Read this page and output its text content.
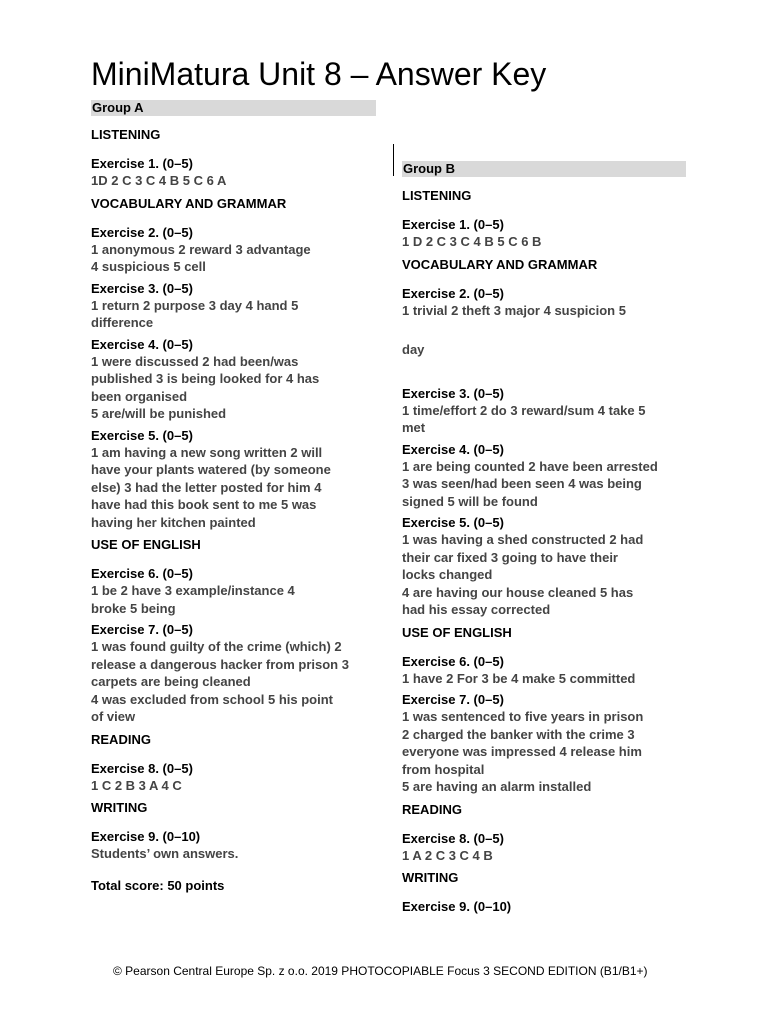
MiniMatura Unit 8 – Answer Key
Group A
LISTENING
Exercise 1. (0–5)
1D 2 C 3 C 4 B 5 C 6 A
VOCABULARY AND GRAMMAR
Exercise 2. (0–5)
1 anonymous 2 reward 3 advantage
4 suspicious 5 cell
Exercise 3. (0–5)
1 return 2 purpose 3 day 4 hand 5
difference
Exercise 4. (0–5)
1 were discussed 2 had been/was
published 3 is being looked for 4 has
been organised
5 are/will be punished
Exercise 5. (0–5)
1 am having a new song written 2 will
have your plants watered (by someone
else) 3 had the letter posted for him 4
have had this book sent to me 5 was
having her kitchen painted
USE OF ENGLISH
Exercise 6. (0–5)
1 be 2 have 3 example/instance 4
broke 5 being
Exercise 7. (0–5)
1 was found guilty of the crime (which) 2
release a dangerous hacker from prison 3
carpets are being cleaned
4 was excluded from school 5 his point
of view
READING
Exercise 8. (0–5)
1 C 2 B 3 A 4 C
WRITING
Exercise 9. (0–10)
Students’ own answers.
Total score: 50 points
Group B
LISTENING
Exercise 1. (0–5)
1 D 2 C 3 C 4 B 5 C 6 B
VOCABULARY AND GRAMMAR
Exercise 2. (0–5)
1 trivial 2 theft 3 major 4 suspicion 5
day
Exercise 3. (0–5)
1 time/effort 2 do 3 reward/sum 4 take 5
met
Exercise 4. (0–5)
1 are being counted 2 have been arrested
3 was seen/had been seen 4 was being
signed 5 will be found
Exercise 5. (0–5)
1 was having a shed constructed 2 had
their car fixed 3 going to have their
locks changed
4 are having our house cleaned 5 has
had his essay corrected
USE OF ENGLISH
Exercise 6. (0–5)
1 have 2 For 3 be 4 make 5 committed
Exercise 7. (0–5)
1 was sentenced to five years in prison
2 charged the banker with the crime 3
everyone was impressed 4 release him
from hospital
5 are having an alarm installed
READING
Exercise 8. (0–5)
1 A 2 C 3 C 4 B
WRITING
Exercise 9. (0–10)
© Pearson Central Europe Sp. z o.o. 2019 PHOTOCOPIABLE Focus 3 SECOND EDITION (B1/B1+)
